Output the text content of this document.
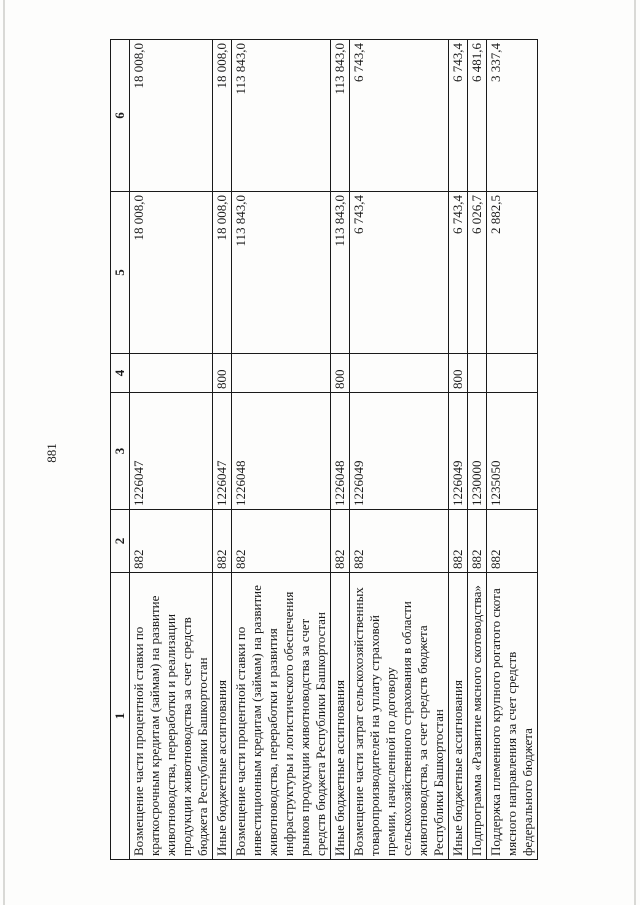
881
1	2	3	4	5	6
Возмещение части процентной ставки по краткосрочным кредитам (займам) на развитие животноводства, переработки и реализации продукции животноводства за счет средств бюджета Республики Башкортостан	882	1226047		18 008,0	18 008,0
Иные бюджетные ассигнования	882	1226047	800	18 008,0	18 008,0
Возмещение части процентной ставки по инвестиционным кредитам (займам) на развитие животноводства, переработки и развития инфраструктуры и логистического обеспечения рынков продукции животноводства за счет средств бюджета Республики Башкортостан	882	1226048		113 843,0	113 843,0
Иные бюджетные ассигнования	882	1226048	800	113 843,0	113 843,0
Возмещение части затрат сельскохозяйственных товаропроизводителей на уплату страховой премии, начисленной по договору сельскохозяйственного страхования в области животноводства, за счет средств бюджета Республики Башкортостан	882	1226049		6 743,4	6 743,4
Иные бюджетные ассигнования	882	1226049	800	6 743,4	6 743,4
Подпрограмма «Развитие мясного скотоводства»	882	1230000		6 026,7	6 481,6
Поддержка племенного крупного рогатого скота мясного направления за счет средств федерального бюджета	882	1235050		2 882,5	3 337,4
